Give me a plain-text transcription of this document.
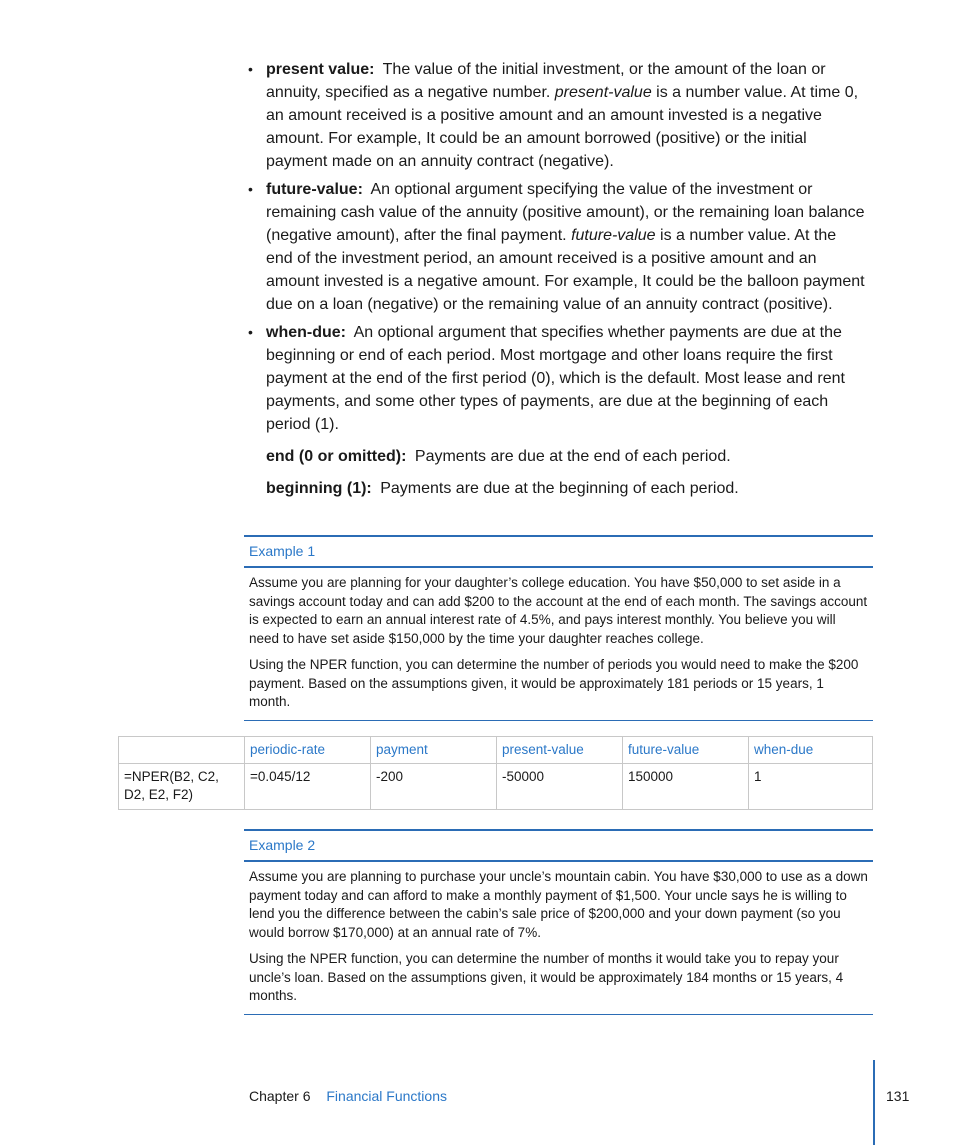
• present value: The value of the initial investment, or the amount of the loan or annuity, specified as a negative number. present-value is a number value. At time 0, an amount received is a positive amount and an amount invested is a negative amount. For example, It could be an amount borrowed (positive) or the initial payment made on an annuity contract (negative).
• future-value: An optional argument specifying the value of the investment or remaining cash value of the annuity (positive amount), or the remaining loan balance (negative amount), after the final payment. future-value is a number value. At the end of the investment period, an amount received is a positive amount and an amount invested is a negative amount. For example, It could be the balloon payment due on a loan (negative) or the remaining value of an annuity contract (positive).
• when-due: An optional argument that specifies whether payments are due at the beginning or end of each period. Most mortgage and other loans require the first payment at the end of the first period (0), which is the default. Most lease and rent payments, and some other types of payments, are due at the beginning of each period (1).
end (0 or omitted): Payments are due at the end of each period.
beginning (1): Payments are due at the beginning of each period.
Example 1

Assume you are planning for your daughter’s college education. You have $50,000 to set aside in a savings account today and can add $200 to the account at the end of each month. The savings account is expected to earn an annual interest rate of 4.5%, and pays interest monthly. You believe you will need to have set aside $150,000 by the time your daughter reaches college.

Using the NPER function, you can determine the number of periods you would need to make the $200 payment. Based on the assumptions given, it would be approximately 181 periods or 15 years, 1 month.

	periodic-rate	payment	present-value	future-value	when-due
=NPER(B2, C2, D2, E2, F2)	=0.045/12	-200	-50000	150000	1
Example 2

Assume you are planning to purchase your uncle’s mountain cabin. You have $30,000 to use as a down payment today and can afford to make a monthly payment of $1,500. Your uncle says he is willing to lend you the difference between the cabin’s sale price of $200,000 and your down payment (so you would borrow $170,000) at an annual rate of 7%.

Using the NPER function, you can determine the number of months it would take you to repay your uncle’s loan. Based on the assumptions given, it would be approximately 184 months or 15 years, 4 months.

Chapter 6 Financial Functions	131
